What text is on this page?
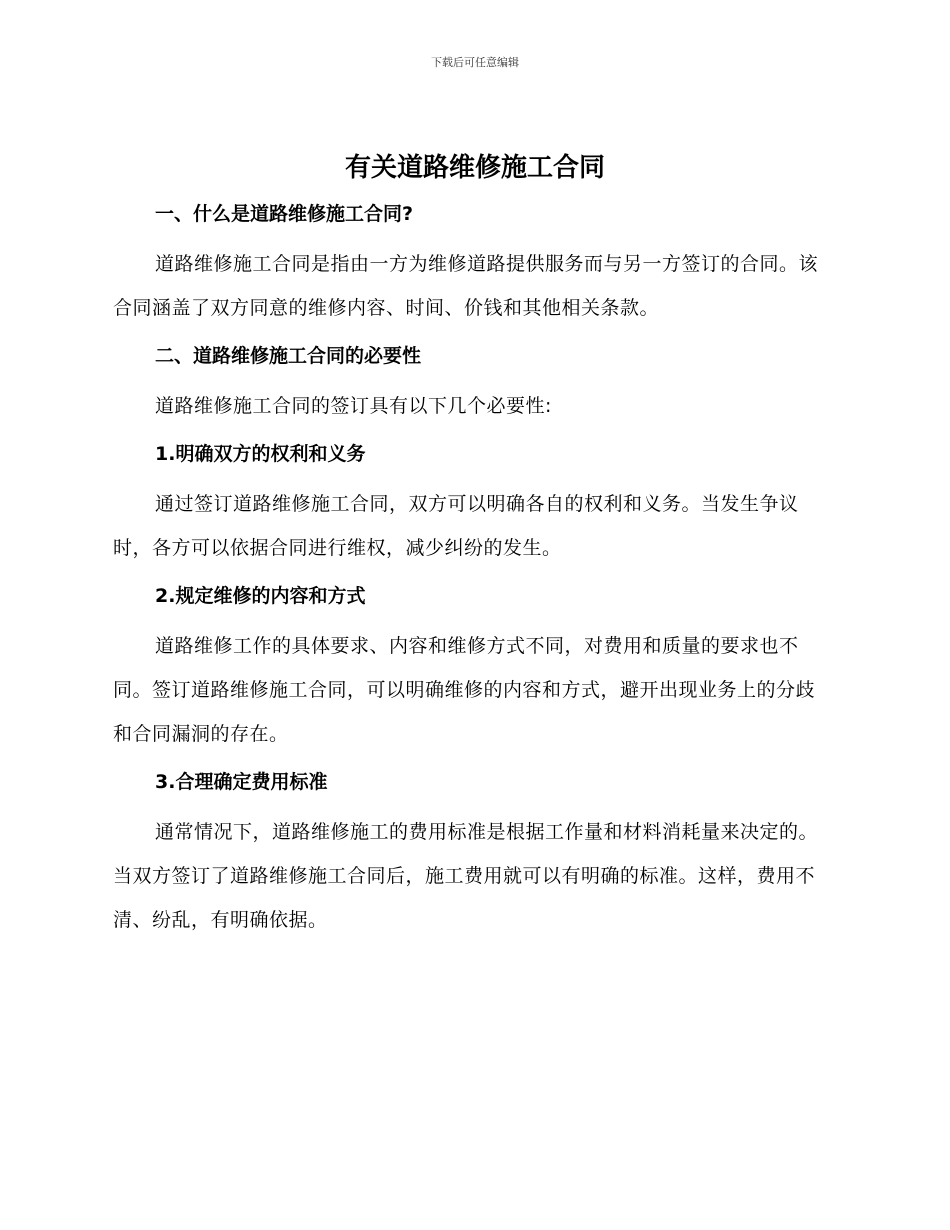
下载后可任意编辑
有关道路维修施工合同

一、什么是道路维修施工合同?

道路维修施工合同是指由一方为维修道路提供服务而与另一方签订的合同。该合同涵盖了双方同意的维修内容、时间、价钱和其他相关条款。

二、道路维修施工合同的必要性

道路维修施工合同的签订具有以下几个必要性:

1.明确双方的权利和义务

通过签订道路维修施工合同，双方可以明确各自的权利和义务。当发生争议时，各方可以依据合同进行维权，减少纠纷的发生。

2.规定维修的内容和方式

道路维修工作的具体要求、内容和维修方式不同，对费用和质量的要求也不同。签订道路维修施工合同，可以明确维修的内容和方式，避开出现业务上的分歧和合同漏洞的存在。

3.合理确定费用标准

通常情况下，道路维修施工的费用标准是根据工作量和材料消耗量来决定的。当双方签订了道路维修施工合同后，施工费用就可以有明确的标准。这样，费用不清、纷乱，有明确依据。
